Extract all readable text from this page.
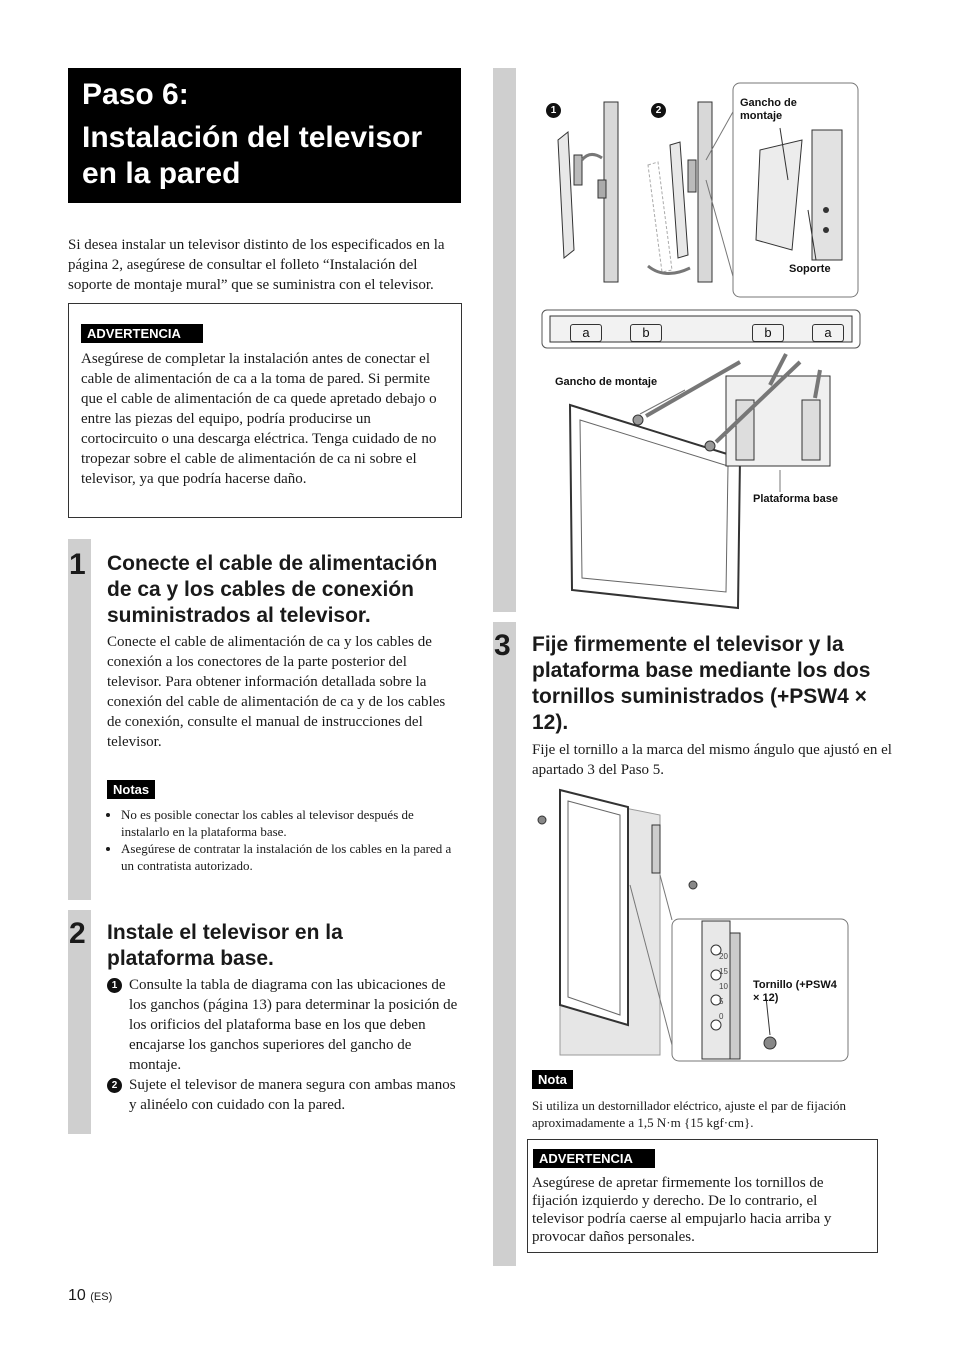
Paso 6:
Instalación del televisor en la pared
Si desea instalar un televisor distinto de los especificados en la página 2, asegúrese de consultar el folleto “Instalación del soporte de montaje mural” que se suministra con el televisor.
ADVERTENCIA
Asegúrese de completar la instalación antes de conectar el cable de alimentación de ca a la toma de pared. Si permite que el cable de alimentación de ca quede apretado debajo o entre las piezas del equipo, podría producirse un cortocircuito o una descarga eléctrica. Tenga cuidado de no tropezar sobre el cable de alimentación de ca ni sobre el televisor, ya que podría hacerse daño.
1 Conecte el cable de alimentación de ca y los cables de conexión suministrados al televisor.
Conecte el cable de alimentación de ca y los cables de conexión a los conectores de la parte posterior del televisor. Para obtener información detallada sobre la conexión del cable de alimentación de ca y de los cables de conexión, consulte el manual de instrucciones del televisor.
Notas
• No es posible conectar los cables al televisor después de instalarlo en la plataforma base.
• Asegúrese de contratar la instalación de los cables en la pared a un contratista autorizado.
2 Instale el televisor en la plataforma base.
1 Consulte la tabla de diagrama con las ubicaciones de los ganchos (página 13) para determinar la posición de los orificios del plataforma base en los que deben encajarse los ganchos superiores del gancho de montaje.
2 Sujete el televisor de manera segura con ambas manos y alinéelo con cuidado con la pared.
1	2
Gancho de montaje
Soporte
a	b	b	a
Gancho de montaje
Plataforma base
3 Fije firmemente el televisor y la plataforma base mediante los dos tornillos suministrados (+PSW4 × 12).
Fije el tornillo a la marca del mismo ángulo que ajustó en el apartado 3 del Paso 5.
20
15
10
5
0
Tornillo (+PSW4 × 12)
Nota
Si utiliza un destornillador eléctrico, ajuste el par de fijación aproximadamente a 1,5 N·m {15 kgf·cm}.
ADVERTENCIA
Asegúrese de apretar firmemente los tornillos de fijación izquierdo y derecho. De lo contrario, el televisor podría caerse al empujarlo hacia arriba y provocar daños personales.
10 (ES)
